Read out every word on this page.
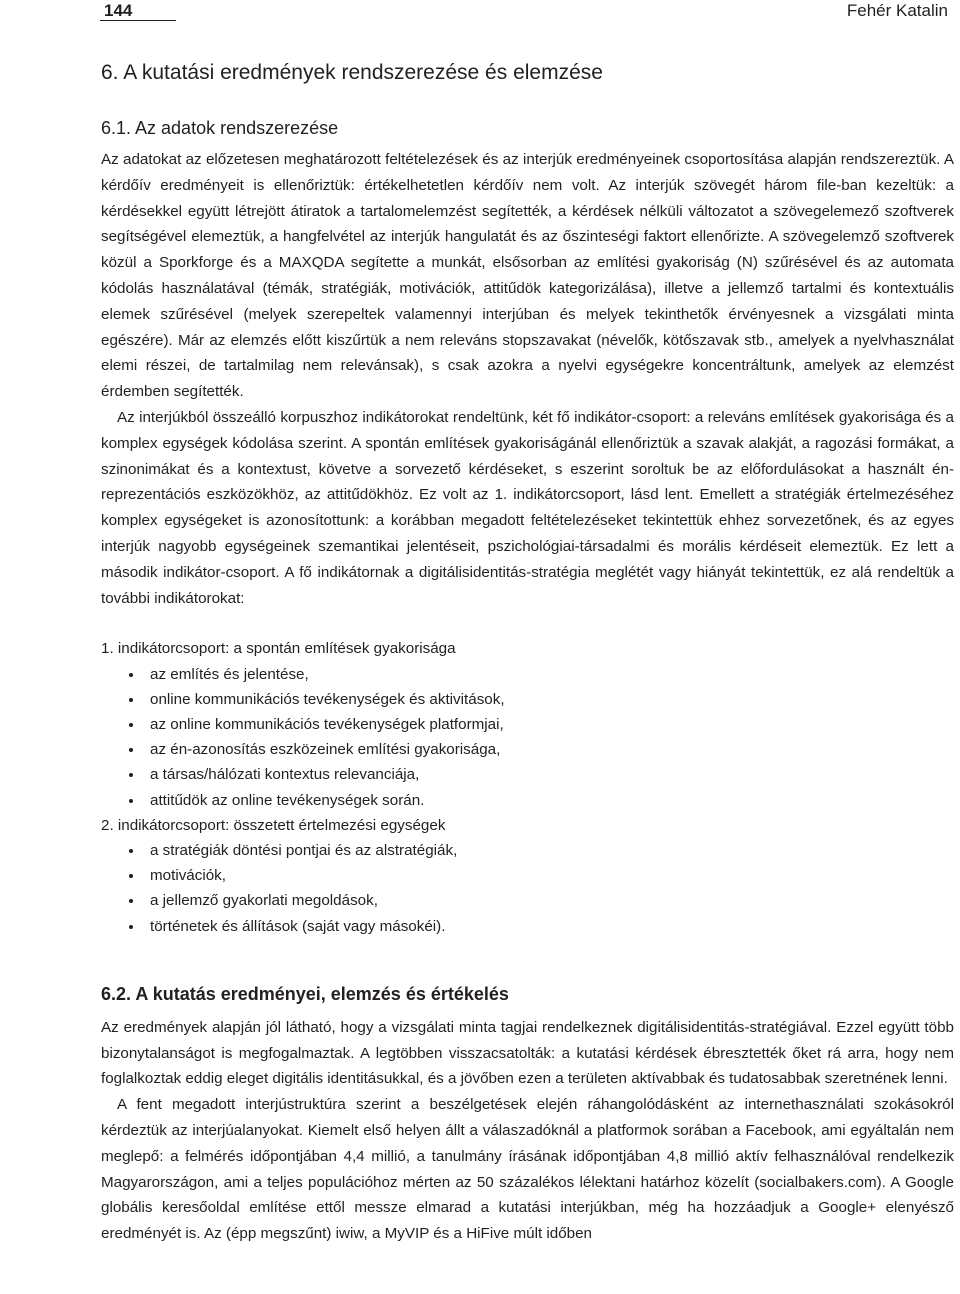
144	Fehér Katalin
6. A kutatási eredmények rendszerezése és elemzése
6.1. Az adatok rendszerezése

Az adatokat az előzetesen meghatározott feltételezések és az interjúk eredményeinek csoportosítása alapján rendszereztük. A kérdőív eredményeit is ellenőriztük: értékelhetetlen kérdőív nem volt. Az interjúk szövegét három file-ban kezeltük: a kérdésekkel együtt létrejött átiratok a tartalomelemzést segítették, a kérdések nélküli változatot a szövegelemező szoftverek segítségével elemeztük, a hangfelvétel az interjúk hangulatát és az őszinteségi faktort ellenőrizte. A szövegelemző szoftverek közül a Sporkforge és a MAXQDA segítette a munkát, elsősorban az említési gyakoriság (N) szűrésével és az automata kódolás használatával (témák, stratégiák, motivációk, attitűdök kategorizálása), illetve a jellemző tartalmi és kontextuális elemek szűrésével (melyek szerepeltek valamennyi interjúban és melyek tekinthetők érvényesnek a vizsgálati minta egészére). Már az elemzés előtt kiszűrtük a nem releváns stopszavakat (névelők, kötőszavak stb., amelyek a nyelvhasználat elemi részei, de tartalmilag nem relevánsak), s csak azokra a nyelvi egységekre koncentráltunk, amelyek az elemzést érdemben segítették.

Az interjúkból összeálló korpuszhoz indikátorokat rendeltünk, két fő indikátor-csoport: a releváns említések gyakorisága és a komplex egységek kódolása szerint. A spontán említések gyakoriságánál ellenőriztük a szavak alakját, a ragozási formákat, a szinonimákat és a kontextust, követve a sorvezető kérdéseket, s eszerint soroltuk be az előfordulásokat a használt én-reprezentációs eszközökhöz, az attitűdökhöz. Ez volt az 1. indikátorcsoport, lásd lent. Emellett a stratégiák értelmezéséhez komplex egységeket is azonosítottunk: a korábban megadott feltételezéseket tekintettük ehhez sorvezetőnek, és az egyes interjúk nagyobb egységeinek szemantikai jelentéseit, pszichológiai-társadalmi és morális kérdéseit elemeztük. Ez lett a második indikátor-csoport. A fő indikátornak a digitálisidentitás-stratégia meglétét vagy hiányát tekintettük, ez alá rendeltük a további indikátorokat:

1. indikátorcsoport: a spontán említések gyakorisága
az említés és jelentése,
online kommunikációs tevékenységek és aktivitások,
az online kommunikációs tevékenységek platformjai,
az én-azonosítás eszközeinek említési gyakorisága,
a társas/hálózati kontextus relevanciája,
attitűdök az online tevékenységek során.
2. indikátorcsoport: összetett értelmezési egységek
a stratégiák döntési pontjai és az alstratégiák,
motivációk,
a jellemző gyakorlati megoldások,
történetek és állítások (saját vagy másokéi).
6.2. A kutatás eredményei, elemzés és értékelés

Az eredmények alapján jól látható, hogy a vizsgálati minta tagjai rendelkeznek digitálisidentitás-stratégiával. Ezzel együtt több bizonytalanságot is megfogalmaztak. A legtöbben visszacsatolták: a kutatási kérdések ébresztették őket rá arra, hogy nem foglalkoztak eddig eleget digitális identitásukkal, és a jövőben ezen a területen aktívabbak és tudatosabbak szeretnének lenni.

A fent megadott interjústruktúra szerint a beszélgetések elején ráhangolódásként az internethasználati szokásokról kérdeztük az interjúalanyokat. Kiemelt első helyen állt a válaszadóknál a platformok sorában a Facebook, ami egyáltalán nem meglepő: a felmérés időpontjában 4,4 millió, a tanulmány írásának időpontjában 4,8 millió aktív felhasználóval rendelkezik Magyarországon, ami a teljes populációhoz mérten az 50 százalékos lélektani határhoz közelít (socialbakers.com). A Google globális keresőoldal említése ettől messze elmarad a kutatási interjúkban, még ha hozzáadjuk a Google+ elenyésző eredményét is. Az (épp megszűnt) iwiw, a MyVIP és a HiFive múlt időben
